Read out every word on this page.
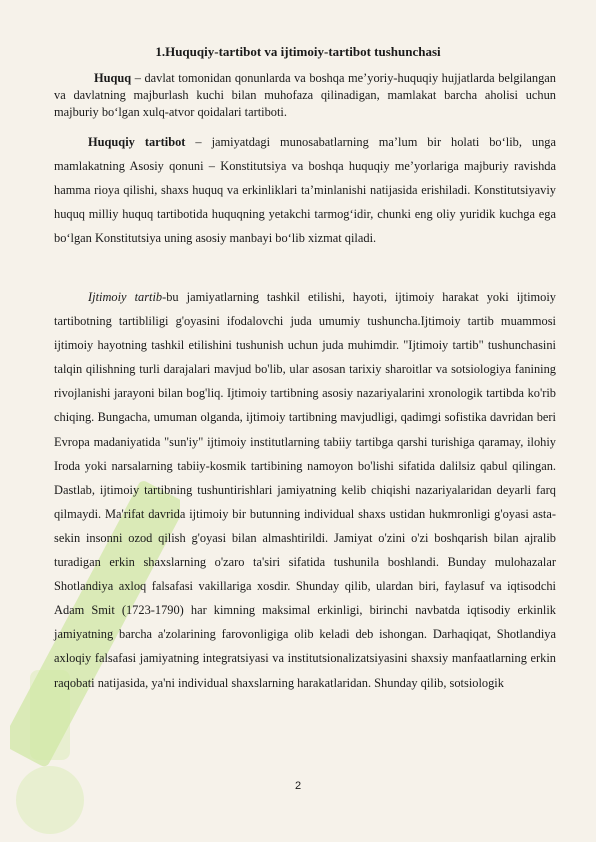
1.Huquqiy-tartibot va ijtimoiy-tartibot tushunchasi

Huquq – davlat tomonidan qonunlarda va boshqa me’yoriy-huquqiy hujjatlarda belgilangan va davlatning majburlash kuchi bilan muhofaza qilinadigan, mamlakat barcha aholisi uchun majburiy bo‘lgan xulq-atvor qoidalari tartiboti.

Huquqiy tartibot – jamiyatdagi munosabatlarning ma’lum bir holati bo‘lib, unga mamlakatning Asosiy qonuni – Konstitutsiya va boshqa huquqiy me’yorlariga majburiy ravishda hamma rioya qilishi, shaxs huquq va erkinliklari ta’minlanishi natijasida erishiladi. Konstitutsiyaviy huquq milliy huquq tartibotida huquqning yetakchi tarmog‘idir, chunki eng oliy yuridik kuchga ega bo‘lgan Konstitutsiya uning asosiy manbayi bo‘lib xizmat qiladi.

Ijtimoiy tartib-bu jamiyatlarning tashkil etilishi, hayoti, ijtimoiy harakat yoki ijtimoiy tartibotning tartibliligi g'oyasini ifodalovchi juda umumiy tushuncha.Ijtimoiy tartib muammosi ijtimoiy hayotning tashkil etilishini tushunish uchun juda muhimdir. "Ijtimoiy tartib" tushunchasini talqin qilishning turli darajalari mavjud bo'lib, ular asosan tarixiy sharoitlar va sotsiologiya fanining rivojlanishi jarayoni bilan bog'liq. Ijtimoiy tartibning asosiy nazariyalarini xronologik tartibda ko'rib chiqing. Bungacha, umuman olganda, ijtimoiy tartibning mavjudligi, qadimgi sofistika davridan beri Evropa madaniyatida "sun'iy" ijtimoiy institutlarning tabiiy tartibga qarshi turishiga qaramay, ilohiy Iroda yoki narsalarning tabiiy-kosmik tartibining namoyon bo'lishi sifatida dalilsiz qabul qilingan. Dastlab, ijtimoiy tartibning tushuntirishlari jamiyatning kelib chiqishi nazariyalaridan deyarli farq qilmaydi. Ma'rifat davrida ijtimoiy bir butunning individual shaxs ustidan hukmronligi g'oyasi asta-sekin insonni ozod qilish g'oyasi bilan almashtirildi. Jamiyat o'zini o'zi boshqarish bilan ajralib turadigan erkin shaxslarning o'zaro ta'siri sifatida tushunila boshlandi. Bunday mulohazalar Shotlandiya axloq falsafasi vakillariga xosdir. Shunday qilib, ulardan biri, faylasuf va iqtisodchi Adam Smit (1723-1790) har kimning maksimal erkinligi, birinchi navbatda iqtisodiy erkinlik jamiyatning barcha a'zolarining farovonligiga olib keladi deb ishongan. Darhaqiqat, Shotlandiya axloqiy falsafasi jamiyatning integratsiyasi va institutsionalizatsiyasini shaxsiy manfaatlarning erkin raqobati natijasida, ya'ni individual shaxslarning harakatlaridan. Shunday qilib, sotsiologik

2
